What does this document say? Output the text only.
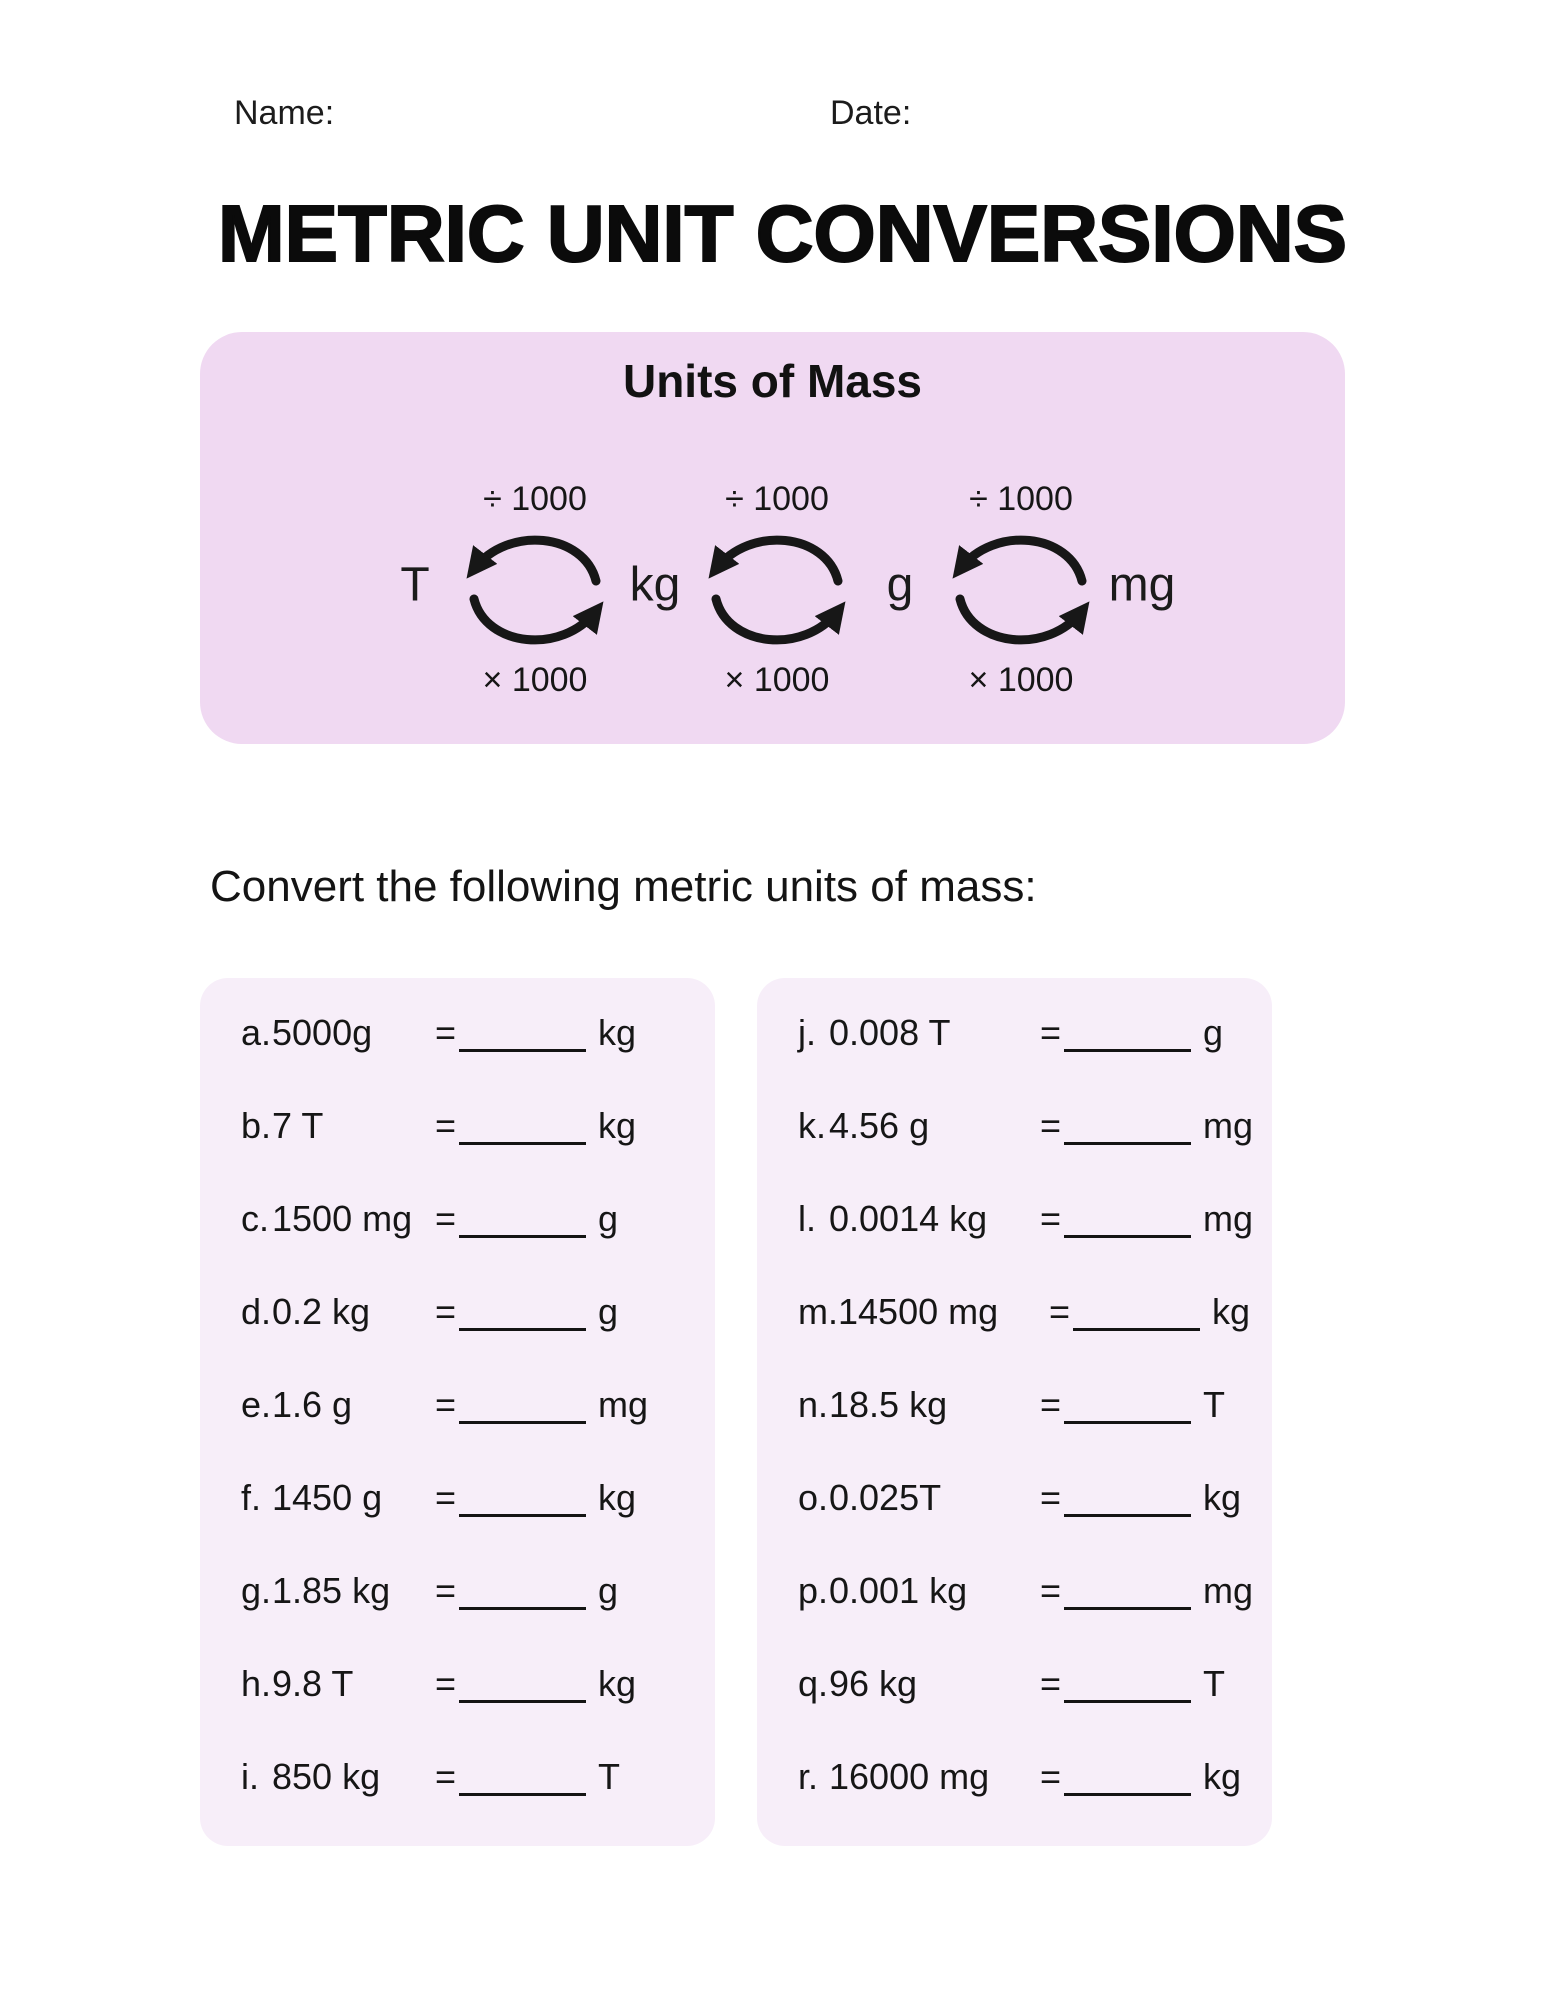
Name:	Date:
METRIC UNIT CONVERSIONS
Units of Mass
T	kg	g	mg
÷ 1000
× 1000
÷ 1000
× 1000
÷ 1000
× 1000
Convert the following metric units of mass:
a. 5000g	=	kg
b. 7 T	=	kg
c. 1500 mg =	g
d. 0.2 kg	=	g
e. 1.6 g	=	mg
f. 1450 g	=	kg
g. 1.85 kg	=	g
h. 9.8 T	=	kg
i. 850 kg	=	T
j. 0.008 T	=	g
k. 4.56 g	=	mg
l. 0.0014 kg	=	mg
m. 14500 mg	=	kg
n. 18.5 kg	=	T
o. 0.025T	=	kg
p. 0.001 kg	=	mg
q. 96 kg	=	T
r. 16000 mg	=	kg
